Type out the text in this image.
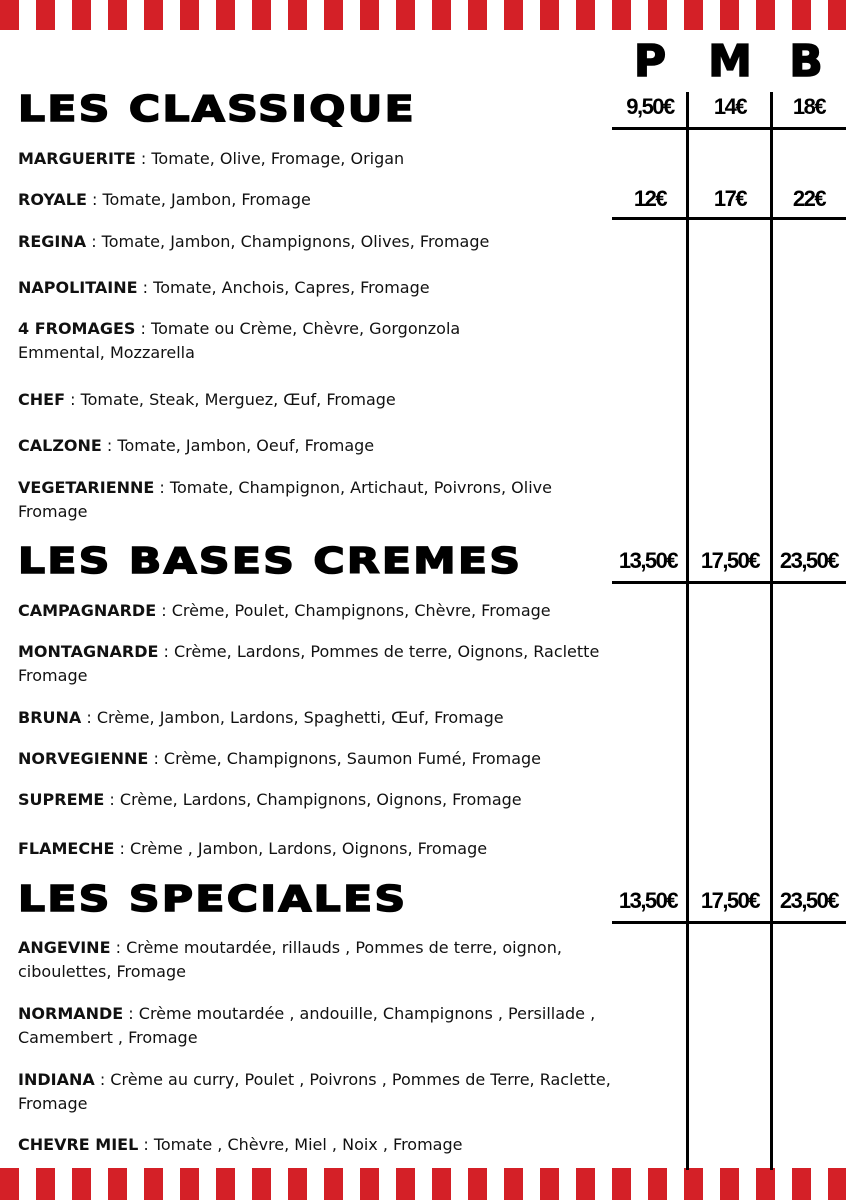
P M B
LES CLASSIQUE	9,50€	14€	18€
12€	17€	22€
MARGUERITE : Tomate, Olive, Fromage, Origan
ROYALE : Tomate, Jambon, Fromage
REGINA : Tomate, Jambon, Champignons, Olives, Fromage
NAPOLITAINE : Tomate, Anchois, Capres, Fromage
4 FROMAGES : Tomate ou Crème, Chèvre, Gorgonzola Emmental, Mozzarella
CHEF : Tomate, Steak, Merguez, Œuf, Fromage
CALZONE : Tomate, Jambon, Oeuf, Fromage
VEGETARIENNE : Tomate, Champignon, Artichaut, Poivrons, Olive Fromage
LES BASES CREMES	13,50€	17,50€ 23,50€
CAMPAGNARDE : Crème, Poulet, Champignons, Chèvre, Fromage
MONTAGNARDE : Crème, Lardons, Pommes de terre, Oignons, Raclette Fromage
BRUNA : Crème, Jambon, Lardons, Spaghetti, Œuf, Fromage
NORVEGIENNE : Crème, Champignons, Saumon Fumé, Fromage
SUPREME : Crème, Lardons, Champignons, Oignons, Fromage
FLAMECHE : Crème , Jambon, Lardons, Oignons, Fromage
LES SPECIALES	13,50€	17,50€ 23,50€
ANGEVINE : Crème moutardée, rillauds , Pommes de terre, oignon, ciboulettes, Fromage
NORMANDE : Crème moutardée , andouille, Champignons , Persillade , Camembert , Fromage
INDIANA : Crème au curry, Poulet , Poivrons , Pommes de Terre, Raclette, Fromage
CHEVRE MIEL : Tomate , Chèvre, Miel , Noix , Fromage
